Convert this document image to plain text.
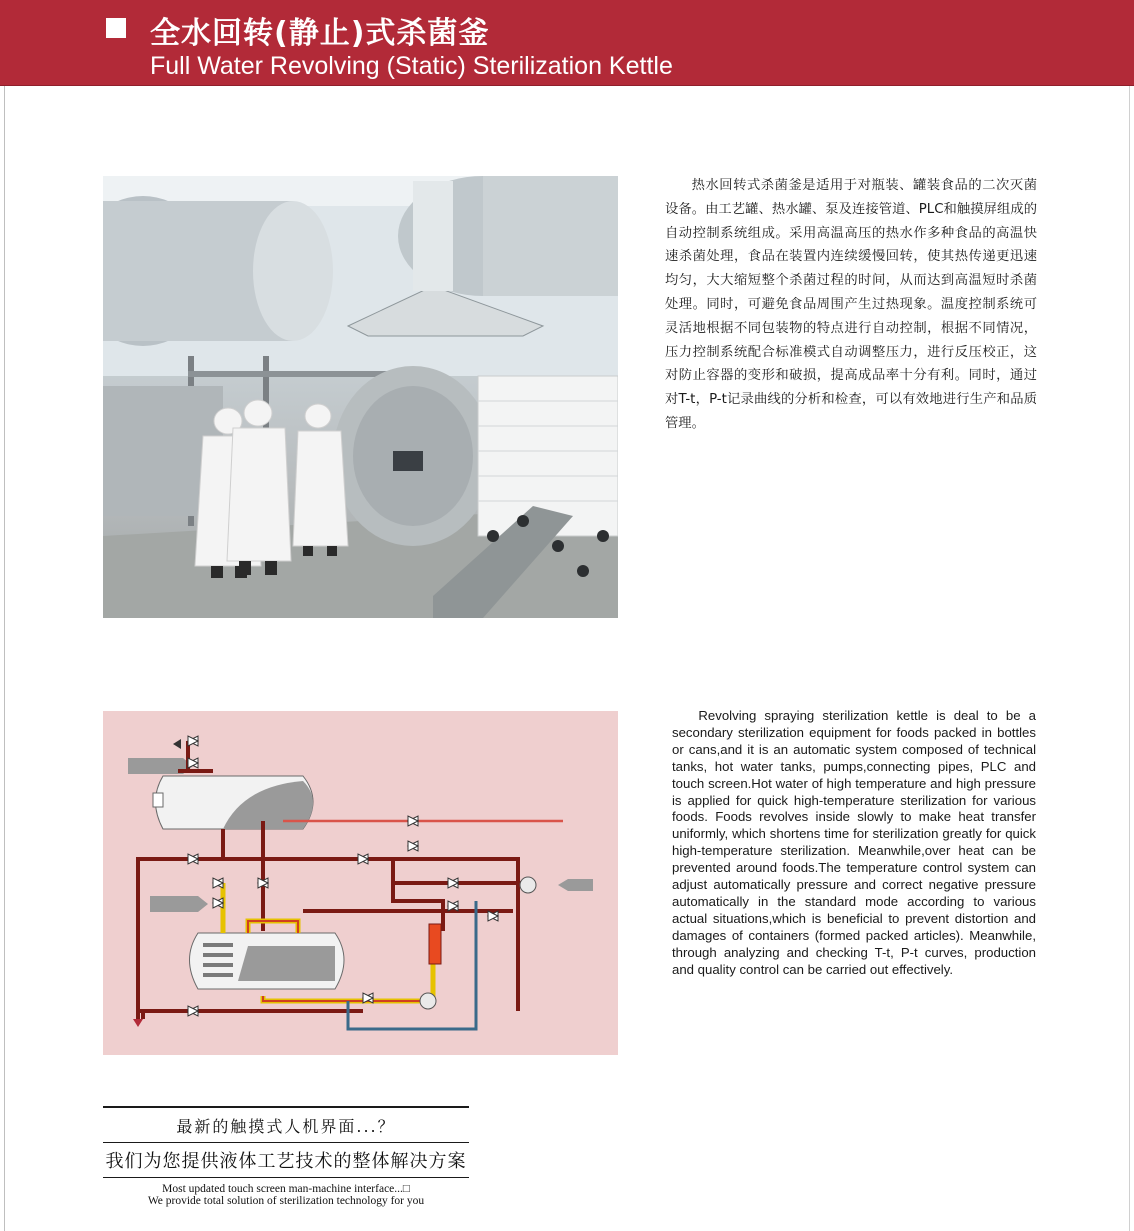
全水回转(静止)式杀菌釜
Full Water Revolving (Static) Sterilization Kettle
热水回转式杀菌釜是适用于对瓶装、罐装食品的二次灭菌设备。由工艺罐、热水罐、泵及连接管道、PLC和触摸屏组成的自动控制系统组成。采用高温高压的热水作多种食品的高温快速杀菌处理，食品在装置内连续缓慢回转，使其热传递更迅速均匀，大大缩短整个杀菌过程的时间，从而达到高温短时杀菌处理。同时，可避免食品周围产生过热现象。温度控制系统可灵活地根据不同包装物的特点进行自动控制，根据不同情况，压力控制系统配合标准模式自动调整压力，进行反压校正，这对防止容器的变形和破损，提高成品率十分有利。同时，通过对T-t，P-t记录曲线的分析和检查，可以有效地进行生产和品质管理。
Revolving spraying sterilization kettle is deal to be a secondary sterilization equipment for foods packed in bottles or cans,and it is an automatic system composed of technical tanks, hot water tanks, pumps,connecting pipes, PLC and touch screen.Hot water of high temperature and high pressure is applied for quick high-temperature sterilization for various foods. Foods revolves inside slowly to make heat transfer uniformly, which shortens time for sterilization greatly for quick high-temperature sterilization. Meanwhile,over heat can be prevented around foods.The temperature control system can adjust automatically pressure and correct negative pressure automatically in the standard mode according to various actual situations,which is beneficial to prevent distortion and damages of containers (formed packed articles). Meanwhile, through analyzing and checking T-t, P-t curves, production and quality control can be carried out effectively.
最新的触摸式人机界面...？
我们为您提供液体工艺技术的整体解决方案
Most updated touch screen man-machine interface...□
We provide total solution of sterilization technology for you
